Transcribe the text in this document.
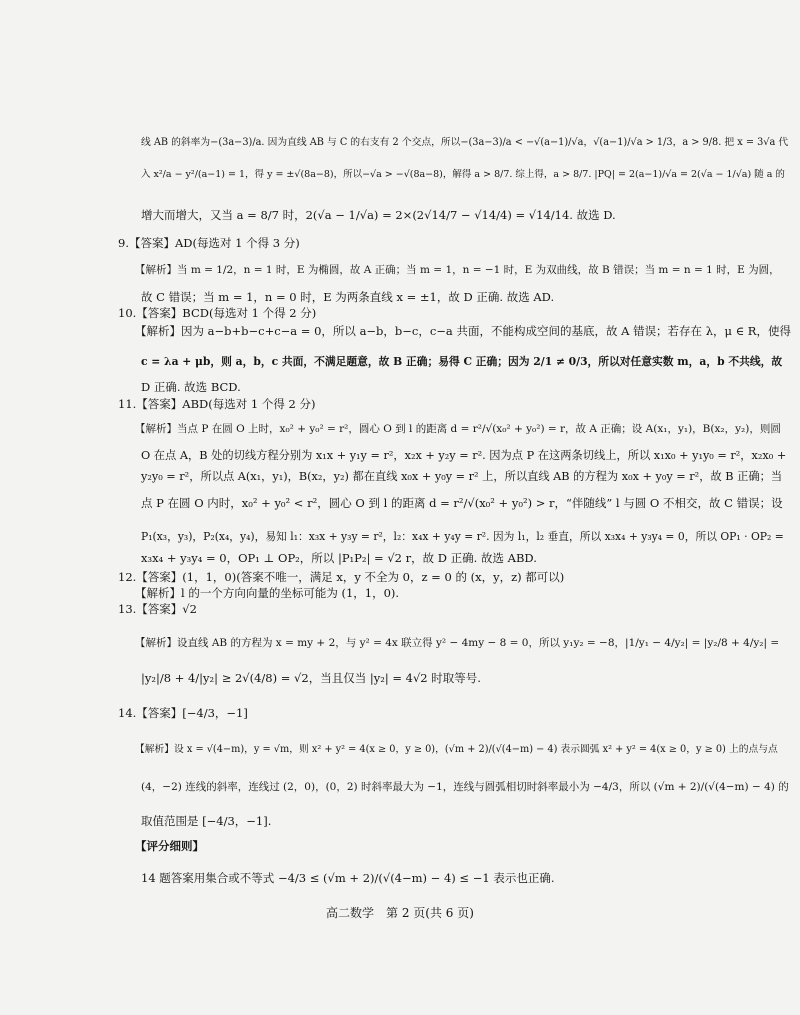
线 AB 的斜率为−(3a−3)/a. 因为直线 AB 与 C 的右支有 2 个交点，所以−(3a−3)/a < −√(a−1)/√a，√(a−1)/√a > 1/3，a > 9/8. 把 x = 3√a 代
入 x²/a − y²/(a−1) = 1，得 y = ±√(8a−8)，所以−√a > −√(8a−8)，解得 a > 8/7. 综上得，a > 8/7. |PQ| = 2(a−1)/√a = 2(√a − 1/√a) 随 a 的
增大而增大，又当 a = 8/7 时，2(√a − 1/√a) = 2×(2√14/7 − √14/4) = √14/14. 故选 D.
9.【答案】AD(每选对 1 个得 3 分)
【解析】当 m = 1/2，n = 1 时，E 为椭圆，故 A 正确；当 m = 1，n = −1 时，E 为双曲线，故 B 错误；当 m = n = 1 时，E 为圆，
故 C 错误；当 m = 1，n = 0 时，E 为两条直线 x = ±1，故 D 正确. 故选 AD.
10.【答案】BCD(每选对 1 个得 2 分)
【解析】因为 a−b+b−c+c−a = 0，所以 a−b，b−c，c−a 共面，不能构成空间的基底，故 A 错误；若存在 λ，μ ∈ R，使得
c = λa + μb，则 a，b，c 共面，不满足题意，故 B 正确；易得 C 正确；因为 2/1 ≠ 0/3，所以对任意实数 m，a，b 不共线，故
D 正确. 故选 BCD.
11.【答案】ABD(每选对 1 个得 2 分)
【解析】当点 P 在圆 O 上时，x₀² + y₀² = r²，圆心 O 到 l 的距离 d = r²/√(x₀² + y₀²) = r，故 A 正确；设 A(x₁，y₁)，B(x₂，y₂)，则圆
O 在点 A，B 处的切线方程分别为 x₁x + y₁y = r²，x₂x + y₂y = r². 因为点 P 在这两条切线上，所以 x₁x₀ + y₁y₀ = r²，x₂x₀ +
y₂y₀ = r²，所以点 A(x₁，y₁)，B(x₂，y₂) 都在直线 x₀x + y₀y = r² 上，所以直线 AB 的方程为 x₀x + y₀y = r²，故 B 正确；当
点 P 在圆 O 内时，x₀² + y₀² < r²，圆心 O 到 l 的距离 d = r²/√(x₀² + y₀²) > r，“伴随线” l 与圆 O 不相交，故 C 错误；设
P₁(x₃，y₃)，P₂(x₄，y₄)，易知 l₁：x₃x + y₃y = r²，l₂：x₄x + y₄y = r². 因为 l₁，l₂ 垂直，所以 x₃x₄ + y₃y₄ = 0，所以 OP₁ · OP₂ =
x₃x₄ + y₃y₄ = 0，OP₁ ⊥ OP₂，所以 |P₁P₂| = √2 r，故 D 正确. 故选 ABD.
12.【答案】(1，1，0)(答案不唯一，满足 x，y 不全为 0，z = 0 的 (x，y，z) 都可以)
【解析】l 的一个方向向量的坐标可能为 (1，1，0).
13.【答案】√2
【解析】设直线 AB 的方程为 x = my + 2，与 y² = 4x 联立得 y² − 4my − 8 = 0，所以 y₁y₂ = −8，|1/y₁ − 4/y₂| = |y₂/8 + 4/y₂| =
|y₂|/8 + 4/|y₂| ≥ 2√(4/8) = √2，当且仅当 |y₂| = 4√2 时取等号.
14.【答案】[−4/3，−1]
【解析】设 x = √(4−m)，y = √m，则 x² + y² = 4(x ≥ 0，y ≥ 0)，(√m + 2)/(√(4−m) − 4) 表示圆弧 x² + y² = 4(x ≥ 0，y ≥ 0) 上的点与点
(4，−2) 连线的斜率，连线过 (2，0)，(0，2) 时斜率最大为 −1，连线与圆弧相切时斜率最小为 −4/3，所以 (√m + 2)/(√(4−m) − 4) 的
取值范围是 [−4/3，−1].
【评分细则】
14 题答案用集合或不等式 −4/3 ≤ (√m + 2)/(√(4−m) − 4) ≤ −1 表示也正确.
高二数学　第 2 页(共 6 页)
